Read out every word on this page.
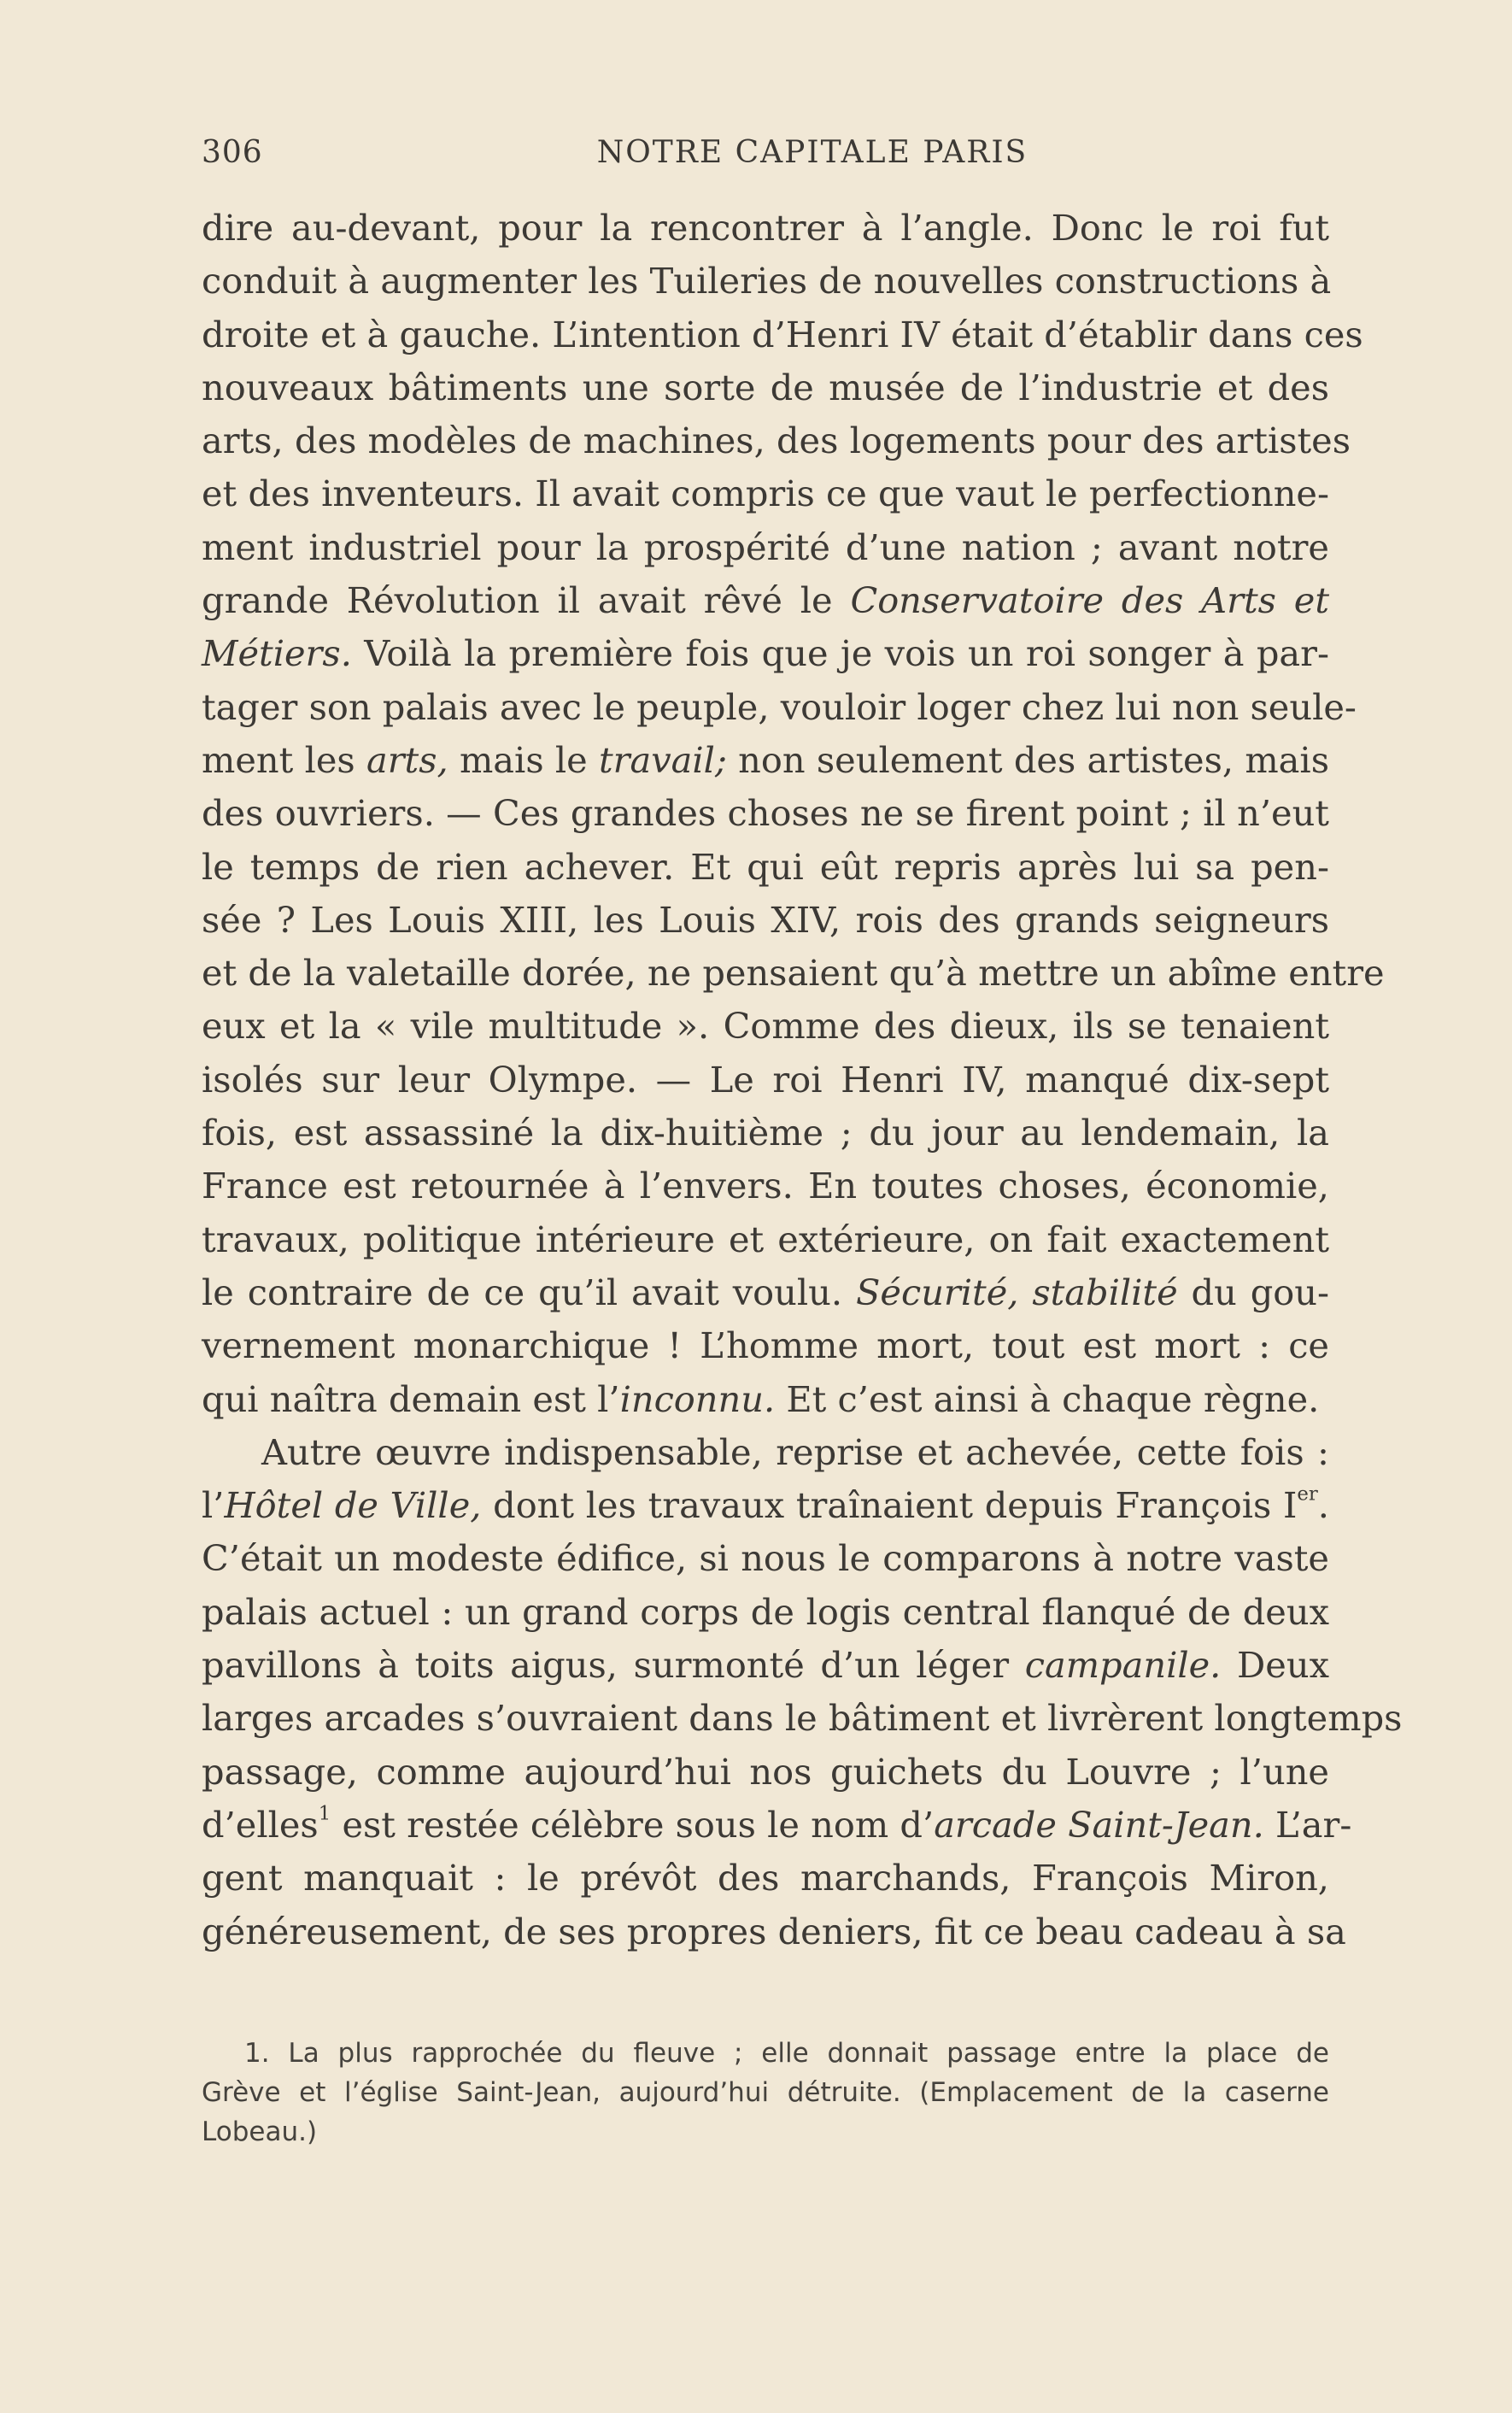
306	NOTRE CAPITALE PARIS
dire au-devant, pour la rencontrer à l’angle. Donc le roi fut
conduit à augmenter les Tuileries de nouvelles constructions à
droite et à gauche. L’intention d’Henri IV était d’établir dans ces
nouveaux bâtiments une sorte de musée de l’industrie et des
arts, des modèles de machines, des logements pour des artistes
et des inventeurs. Il avait compris ce que vaut le perfectionne-
ment industriel pour la prospérité d’une nation ; avant notre
grande Révolution il avait rêvé le Conservatoire des Arts et
Métiers. Voilà la première fois que je vois un roi songer à par-
tager son palais avec le peuple, vouloir loger chez lui non seule-
ment les arts, mais le travail; non seulement des artistes, mais
des ouvriers. — Ces grandes choses ne se firent point ; il n’eut
le temps de rien achever. Et qui eût repris après lui sa pen-
sée ? Les Louis XIII, les Louis XIV, rois des grands seigneurs
et de la valetaille dorée, ne pensaient qu’à mettre un abîme entre
eux et la « vile multitude ». Comme des dieux, ils se tenaient
isolés sur leur Olympe. — Le roi Henri IV, manqué dix-sept
fois, est assassiné la dix-huitième ; du jour au lendemain, la
France est retournée à l’envers. En toutes choses, économie,
travaux, politique intérieure et extérieure, on fait exactement
le contraire de ce qu’il avait voulu. Sécurité, stabilité du gou-
vernement monarchique ! L’homme mort, tout est mort : ce
qui naîtra demain est l’inconnu. Et c’est ainsi à chaque règne.
Autre œuvre indispensable, reprise et achevée, cette fois :
l’Hôtel de Ville, dont les travaux traînaient depuis François Ier.
C’était un modeste édifice, si nous le comparons à notre vaste
palais actuel : un grand corps de logis central flanqué de deux
pavillons à toits aigus, surmonté d’un léger campanile. Deux
larges arcades s’ouvraient dans le bâtiment et livrèrent longtemps
passage, comme aujourd’hui nos guichets du Louvre ; l’une
d’elles$^1$ est restée célèbre sous le nom d’arcade Saint-Jean. L’ar-
gent manquait : le prévôt des marchands, François Miron,
généreusement, de ses propres deniers, fit ce beau cadeau à sa
1. La plus rapprochée du fleuve ; elle donnait passage entre la place de
Grève et l’église Saint-Jean, aujourd’hui détruite. (Emplacement de la caserne
Lobeau.)
